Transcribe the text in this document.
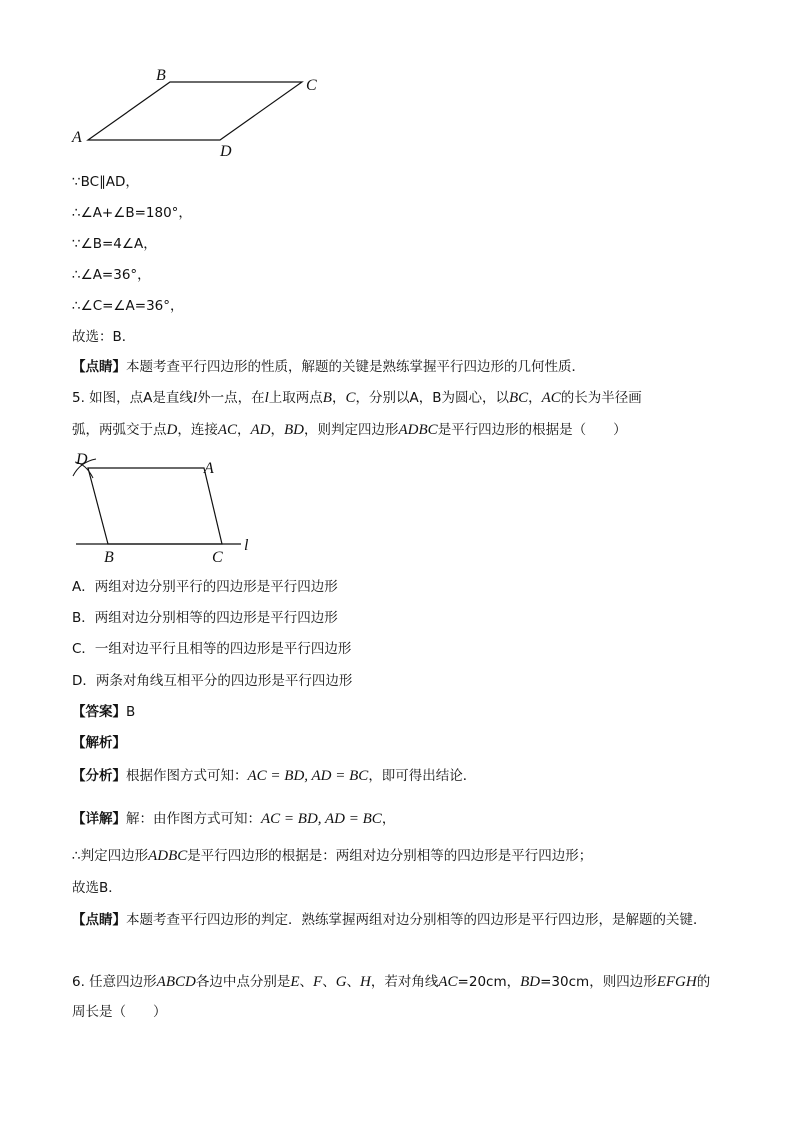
A
B
C
D
∵BC∥AD，
∴∠A+∠B=180°，
∵∠B=4∠A，
∴∠A=36°，
∴∠C=∠A=36°，
故选：B．
【点睛】本题考查平行四边形的性质，解题的关键是熟练掌握平行四边形的几何性质．
5. 如图，点A是直线l外一点，在l上取两点B，C，分别以A，B为圆心，以BC，AC的长为半径画
弧，两弧交于点D，连接AC，AD，BD，则判定四边形ADBC是平行四边形的根据是（　　）
D
A
B	C
l
A．两组对边分别平行的四边形是平行四边形
B．两组对边分别相等的四边形是平行四边形
C．一组对边平行且相等的四边形是平行四边形
D．两条对角线互相平分的四边形是平行四边形
【答案】B
【解析】
【分析】根据作图方式可知：AC = BD, AD = BC，即可得出结论．
【详解】解：由作图方式可知：AC = BD, AD = BC，
∴判定四边形ADBC是平行四边形的根据是：两组对边分别相等的四边形是平行四边形；
故选B．
【点睛】本题考查平行四边形的判定．熟练掌握两组对边分别相等的四边形是平行四边形，是解题的关键．
6. 任意四边形ABCD各边中点分别是E、F、G、H，若对角线AC=20cm，BD=30cm，则四边形EFGH的
周长是（　　）
